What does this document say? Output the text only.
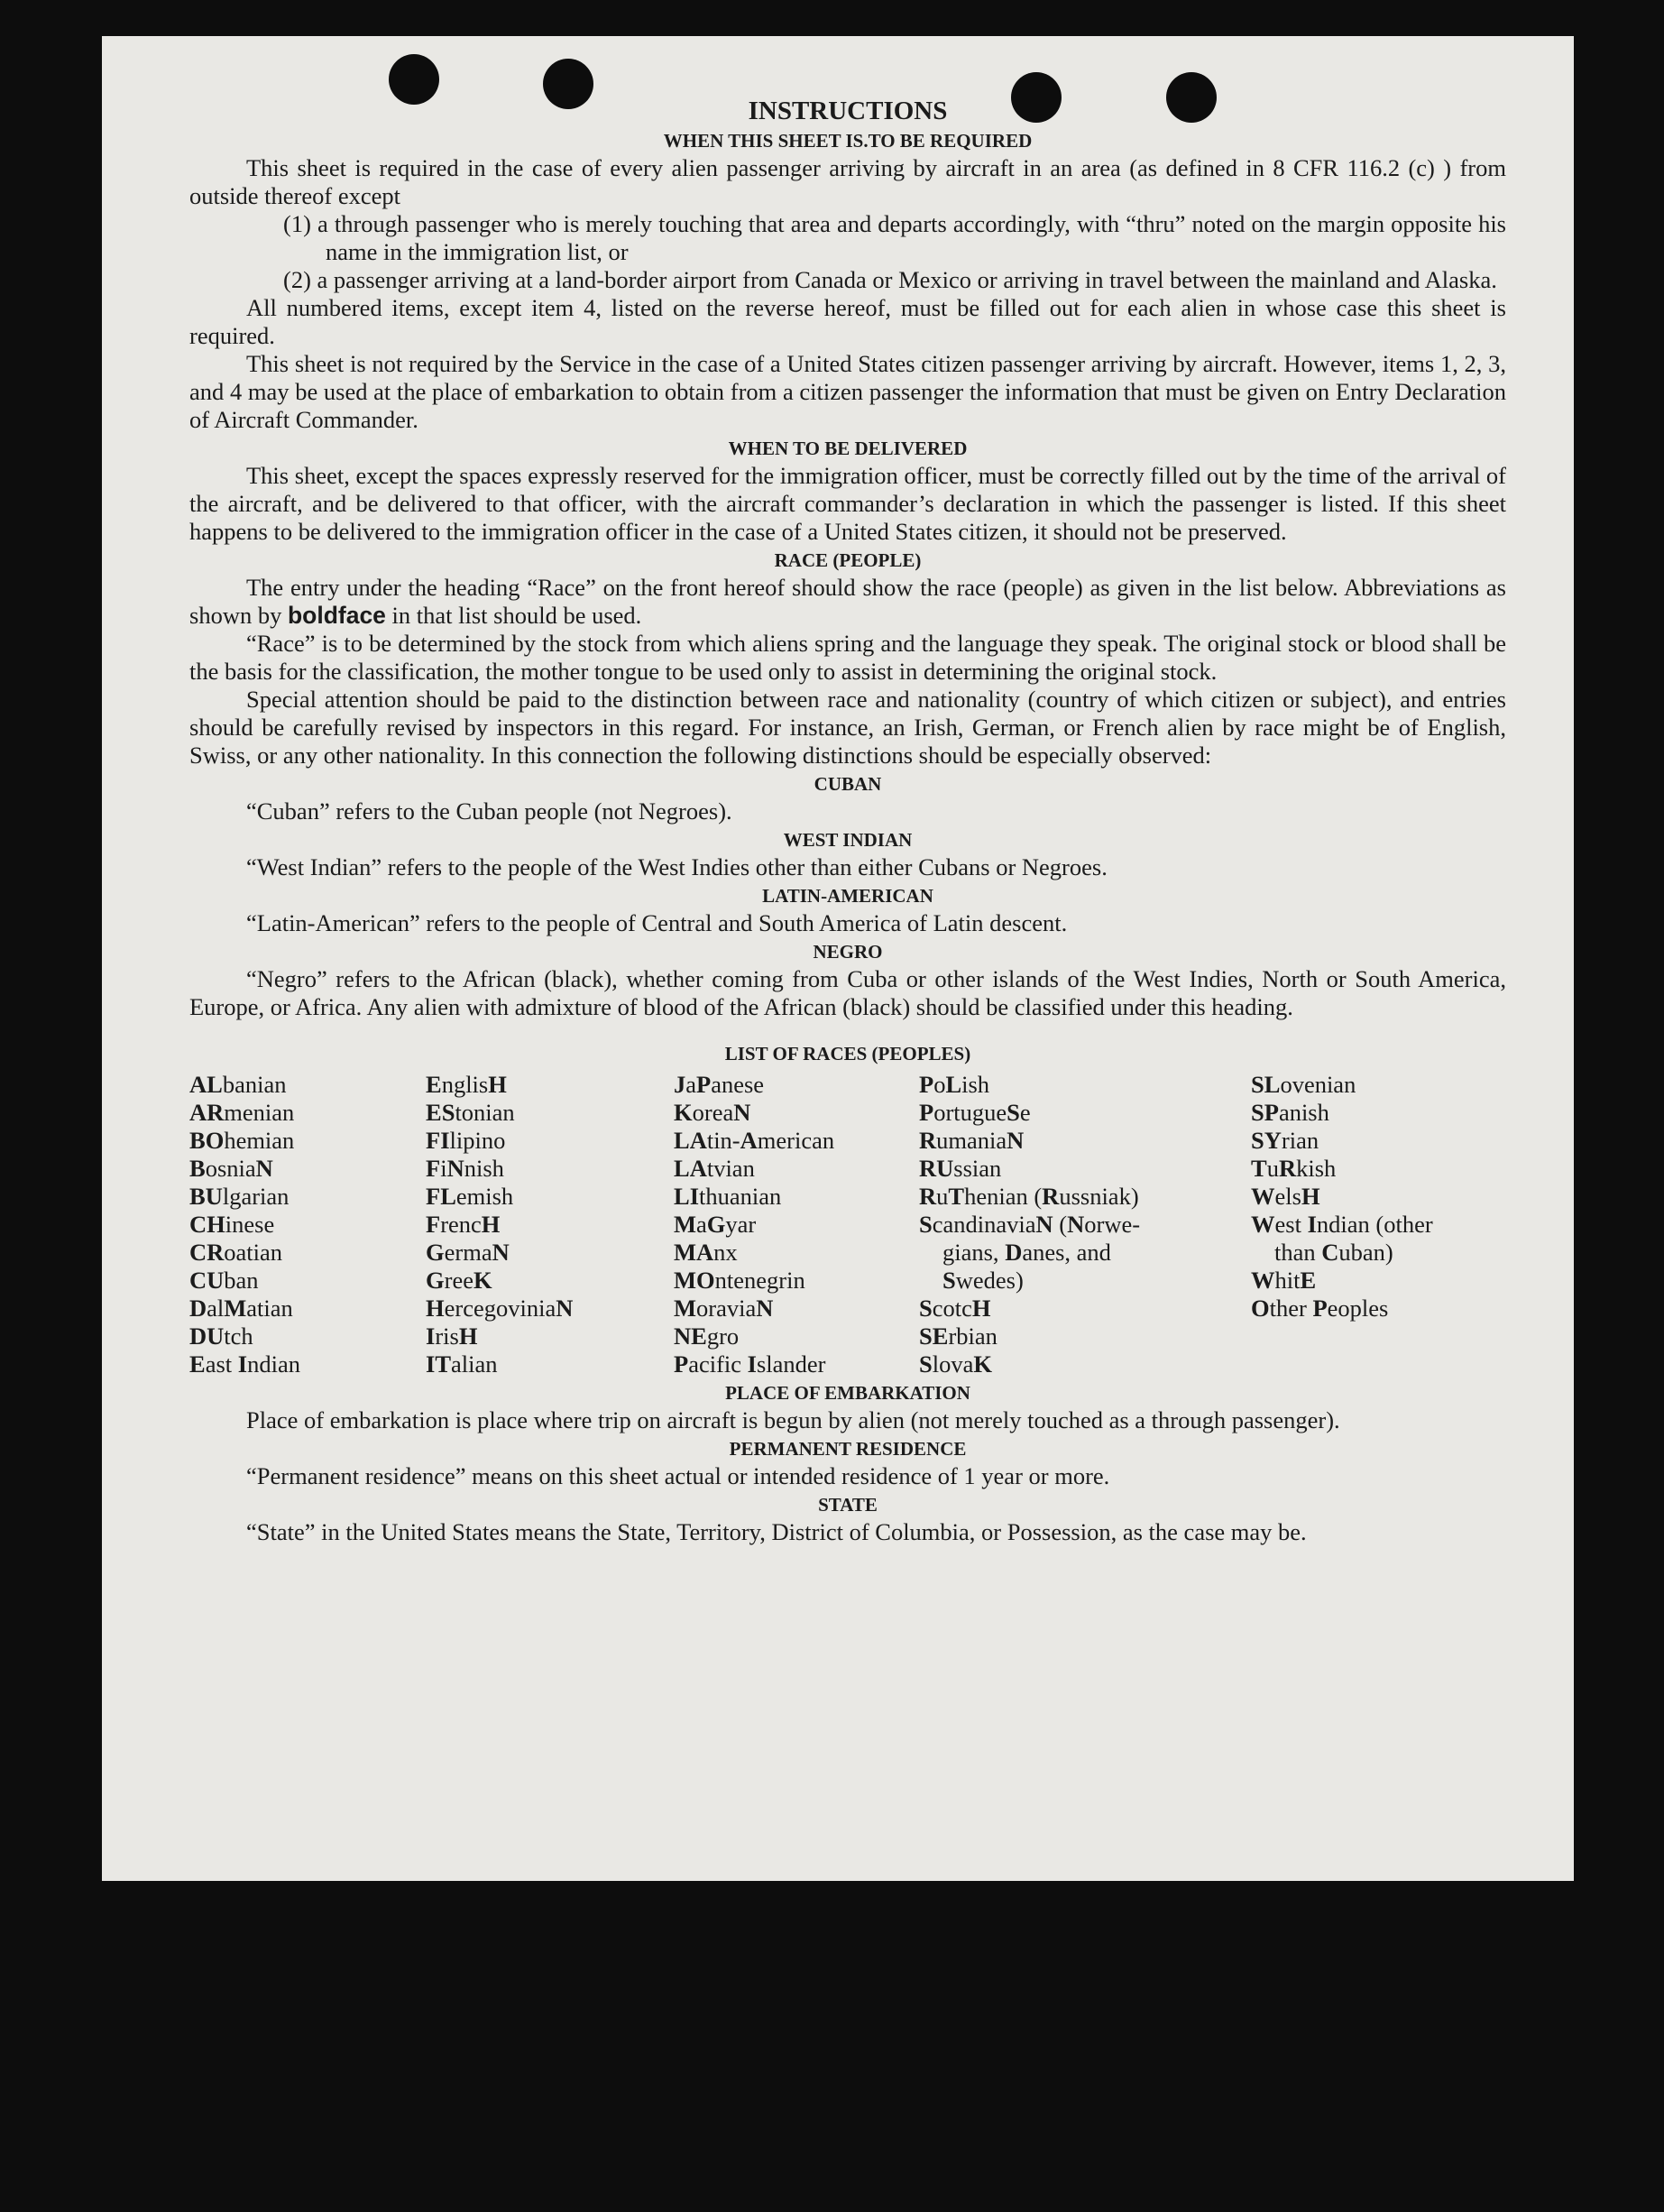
INSTRUCTIONS
WHEN THIS SHEET IS.TO BE REQUIRED

This sheet is required in the case of every alien passenger arriving by aircraft in an area (as defined in 8 CFR 116.2 (c) ) from outside thereof except

(1) a through passenger who is merely touching that area and departs accordingly, with “thru” noted on the margin opposite his name in the immigration list, or

(2) a passenger arriving at a land-border airport from Canada or Mexico or arriving in travel between the mainland and Alaska.

All numbered items, except item 4, listed on the reverse hereof, must be filled out for each alien in whose case this sheet is required.

This sheet is not required by the Service in the case of a United States citizen passenger arriving by aircraft. However, items 1, 2, 3, and 4 may be used at the place of embarkation to obtain from a citizen passenger the information that must be given on Entry Declaration of Aircraft Commander.

WHEN TO BE DELIVERED

This sheet, except the spaces expressly reserved for the immigration officer, must be correctly filled out by the time of the arrival of the aircraft, and be delivered to that officer, with the aircraft commander’s declaration in which the passenger is listed. If this sheet happens to be delivered to the immigration officer in the case of a United States citizen, it should not be preserved.

RACE (PEOPLE)

The entry under the heading “Race” on the front hereof should show the race (people) as given in the list below. Abbreviations as shown by boldface in that list should be used.

“Race” is to be determined by the stock from which aliens spring and the language they speak. The original stock or blood shall be the basis for the classification, the mother tongue to be used only to assist in determining the original stock.

Special attention should be paid to the distinction between race and nationality (country of which citizen or subject), and entries should be carefully revised by inspectors in this regard. For instance, an Irish, German, or French alien by race might be of English, Swiss, or any other nationality. In this connection the following distinctions should be especially observed:

CUBAN

“Cuban” refers to the Cuban people (not Negroes).

WEST INDIAN

“West Indian” refers to the people of the West Indies other than either Cubans or Negroes.

LATIN-AMERICAN

“Latin-American” refers to the people of Central and South America of Latin descent.

NEGRO

“Negro” refers to the African (black), whether coming from Cuba or other islands of the West Indies, North or South America, Europe, or Africa. Any alien with admixture of blood of the African (black) should be classified under this heading.

LIST OF RACES (PEOPLES)
ALbanian
ARmenian
BOhemian
BosniaN
BUlgarian
CHinese
CRoatian
CUban
DalMatian
DUtch
East Indian
EnglisH
EStonian
FIlipino
FiNnish
FLemish
FrencH
GermaN
GreeK
HercegoviniaN
IrisH
ITalian
JaPanese
KoreaN
LAtin-American
LAtvian
LIthuanian
MaGyar
MAnx
MOntenegrin
MoraviaN
NEgro
Pacific Islander
PoLish
PortugueSe
RumaniaN
RUssian
RuThenian (Russniak)
ScandinaviaN (Norwe-
gians, Danes, and
Swedes)
ScotcH
SErbian
SlovaK
SLovenian
SPanish
SYrian
TuRkish
WelsH
West Indian (other
than Cuban)
WhitE
Other Peoples
PLACE OF EMBARKATION

Place of embarkation is place where trip on aircraft is begun by alien (not merely touched as a through passenger).

PERMANENT RESIDENCE

“Permanent residence” means on this sheet actual or intended residence of 1 year or more.

STATE

“State” in the United States means the State, Territory, District of Columbia, or Possession, as the case may be.
